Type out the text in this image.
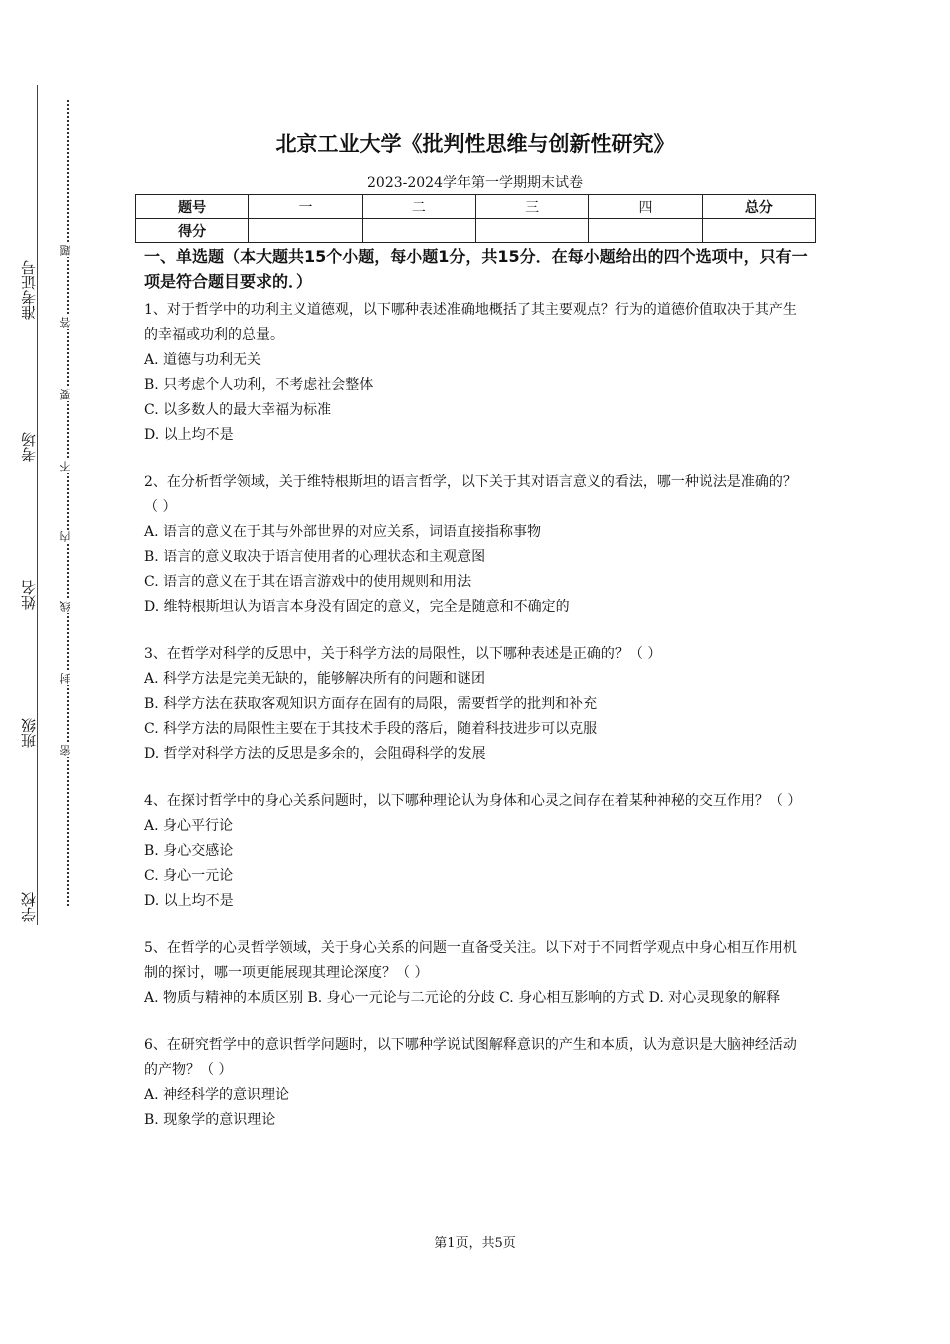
准考证号
考场
姓名
班级
学校
题
答
要
不
内
线
封
密
北京工业大学《批判性思维与创新性研究》
2023-2024学年第一学期期末试卷
题号	一	二	三	四	总分
得分					
一、单选题（本大题共15个小题，每小题1分，共15分．在每小题给出的四个选项中，只有一项是符合题目要求的．）
1、对于哲学中的功利主义道德观，以下哪种表述准确地概括了其主要观点？行为的道德价值取决于其产生的幸福或功利的总量。
A. 道德与功利无关
B. 只考虑个人功利，不考虑社会整体
C. 以多数人的最大幸福为标准
D. 以上均不是
2、在分析哲学领域，关于维特根斯坦的语言哲学，以下关于其对语言意义的看法，哪一种说法是准确的？（ ）
A. 语言的意义在于其与外部世界的对应关系，词语直接指称事物
B. 语言的意义取决于语言使用者的心理状态和主观意图
C. 语言的意义在于其在语言游戏中的使用规则和用法
D. 维特根斯坦认为语言本身没有固定的意义，完全是随意和不确定的
3、在哲学对科学的反思中，关于科学方法的局限性，以下哪种表述是正确的？（ ）
A. 科学方法是完美无缺的，能够解决所有的问题和谜团
B. 科学方法在获取客观知识方面存在固有的局限，需要哲学的批判和补充
C. 科学方法的局限性主要在于其技术手段的落后，随着科技进步可以克服
D. 哲学对科学方法的反思是多余的，会阻碍科学的发展
4、在探讨哲学中的身心关系问题时，以下哪种理论认为身体和心灵之间存在着某种神秘的交互作用？（ ）
A. 身心平行论
B. 身心交感论
C. 身心一元论
D. 以上均不是
5、在哲学的心灵哲学领域，关于身心关系的问题一直备受关注。以下对于不同哲学观点中身心相互作用机制的探讨，哪一项更能展现其理论深度？（ ）
A. 物质与精神的本质区别 B. 身心一元论与二元论的分歧 C. 身心相互影响的方式 D. 对心灵现象的解释
6、在研究哲学中的意识哲学问题时，以下哪种学说试图解释意识的产生和本质，认为意识是大脑神经活动的产物？（ ）
A. 神经科学的意识理论
B. 现象学的意识理论
第1页，共5页
